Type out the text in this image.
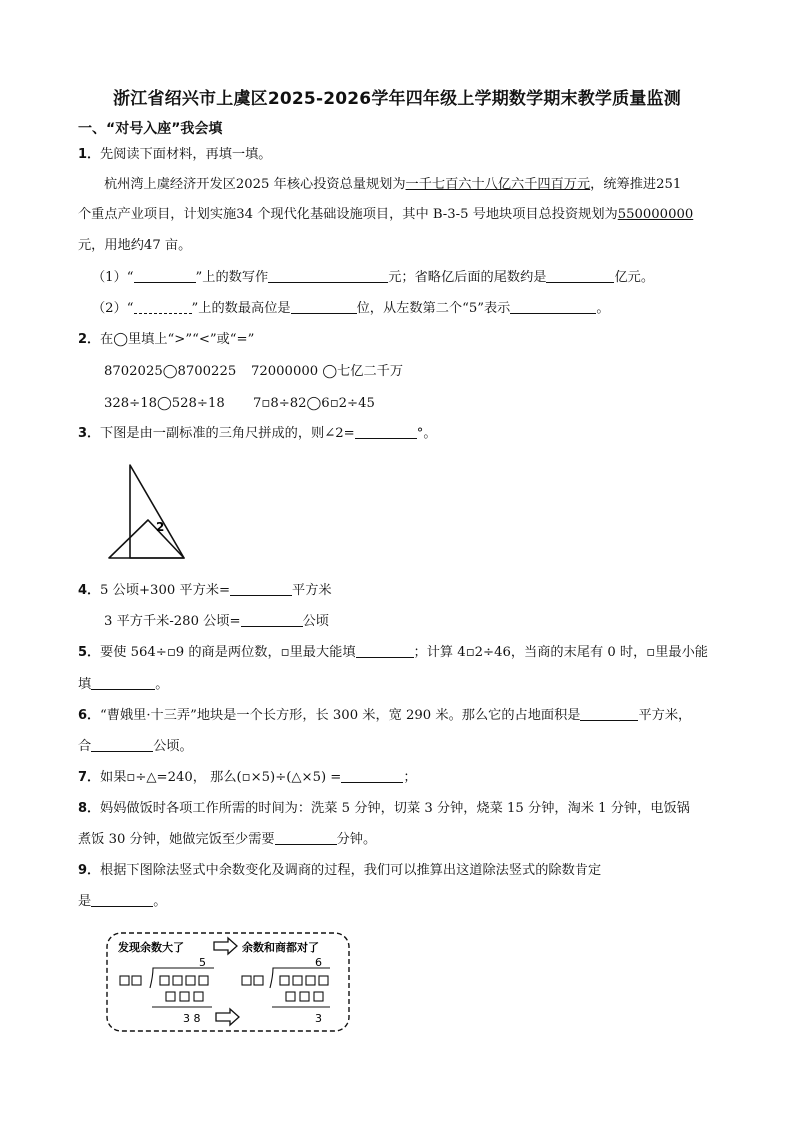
浙江省绍兴市上虞区2025-2026学年四年级上学期数学期末教学质量监测
一、“对号入座”我会填
1．先阅读下面材料，再填一填。
杭州湾上虞经济开发区2025 年核心投资总量规划为一千七百六十八亿六千四百万元，统筹推进251
个重点产业项目，计划实施34 个现代化基础设施项目，其中 B-3-5 号地块项目总投资规划为550000000
元，用地约47 亩。
（1）“	”上的数写作	元；省略亿后面的尾数约是	亿元。
（2）“	”上的数最高位是	位，从左数第二个“5”表示	。
2．在◯里填上“>”“<”或“=”
8702025◯8700225 72000000 ◯七亿二千万
328÷18◯528÷18 7▫8÷82◯6▫2÷45
3．下图是由一副标准的三角尺拼成的，则∠2=	°。
2
4．5 公顷+300 平方米=	平方米
3 平方千米-280 公顷=	公顷
5．要使 564÷▫9 的商是两位数，▫里最大能填	；计算 4▫2÷46，当商的末尾有 0 时，▫里最小能
填	。
6．“曹娥里·十三弄”地块是一个长方形，长 300 米，宽 290 米。那么它的占地面积是	平方米，
合	公顷。
7．如果▫÷△=240， 那么(▫×5)÷(△×5) =	；
8．妈妈做饭时各项工作所需的时间为：洗菜 5 分钟，切菜 3 分钟，烧菜 15 分钟，淘米 1 分钟，电饭锅
煮饭 30 分钟，她做完饭至少需要	分钟。
9．根据下图除法竖式中余数变化及调商的过程，我们可以推算出这道除法竖式的除数肯定
是	。
发现余数大了	余数和商都对了
5
3 8
6
3
